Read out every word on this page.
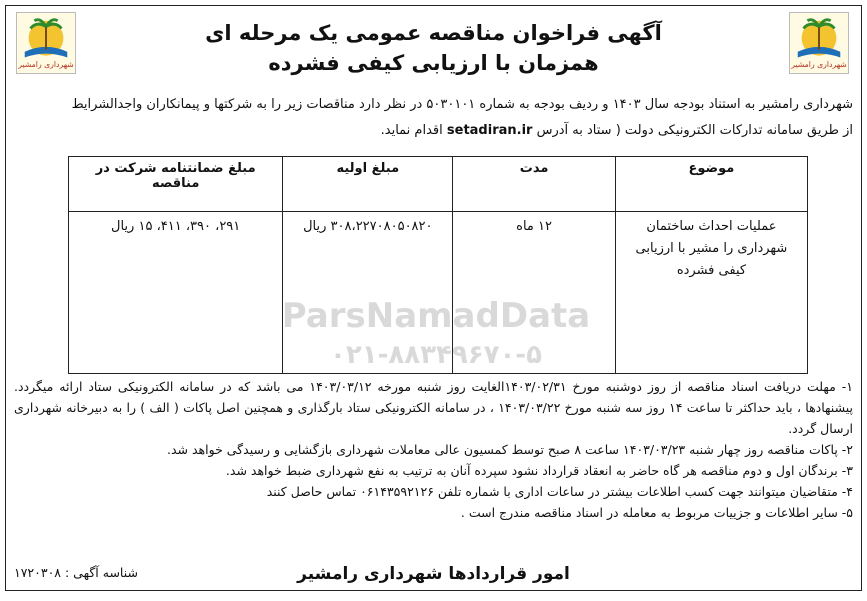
شهرداری رامشیر
شهرداری رامشیر
آگهی فراخوان مناقصه عمومی یک مرحله ای
همزمان با ارزیابی کیفی فشرده
شهرداری رامشیر به استناد بودجه سال ۱۴۰۳ و ردیف بودجه به شماره ۵۰۳۰۱۰۱ در نظر دارد مناقصات زیر را به شرکتها و پیمانکاران واجدالشرایط
از طریق سامانه تدارکات الکترونیکی دولت ( ستاد به آدرس setadiran.ir اقدام نماید.
ParsNamadData
۰۲۱-۸۸۳۴۹۶۷۰-۵
موضوع	مدت	مبلغ اولیه	مبلغ ضمانتنامه شرکت در مناقصه
عملیات احداث ساختمان شهرداری را مشیر با ارزیابی کیفی فشرده	۱۲ ماه	۳۰۸،۲۲۷۰۸۰۵۰۸۲۰ ریال	۲۹۱، ۳۹۰، ۴۱۱، ۱۵ ریال

۱- مهلت دریافت اسناد مناقصه از روز دوشنبه مورخ ۱۴۰۳/۰۲/۳۱الغایت روز شنبه مورخه ۱۴۰۳/۰۳/۱۲ می باشد که در سامانه الکترونیکی ستاد ارائه میگردد. پیشنهادها ، باید حداکثر تا ساعت ۱۴ روز سه شنبه مورخ ۱۴۰۳/۰۳/۲۲ ، در سامانه الکترونیکی ستاد بارگذاری و همچنین اصل پاکات ( الف ) را به دبیرخانه شهرداری ارسال گردد.

۲- پاکات مناقصه روز چهار شنبه ۱۴۰۳/۰۳/۲۳ ساعت ۸ صبح توسط کمسیون عالی معاملات شهرداری بازگشایی و رسیدگی خواهد شد.

۳- برندگان اول و دوم مناقصه هر گاه حاضر به انعقاد قرارداد نشود سپرده آنان به ترتیب به نفع شهرداری ضبط خواهد شد.

۴- متقاضیان میتوانند جهت کسب اطلاعات بیشتر در ساعات اداری با شماره تلفن ۰۶۱۴۳۵۹۲۱۲۶ تماس حاصل کنند

۵- سایر اطلاعات و جزییات مربوط به معامله در اسناد مناقصه مندرج است .

امور قراردادها شهرداری رامشیر
شناسه آگهی : ۱۷۲۰۳۰۸
